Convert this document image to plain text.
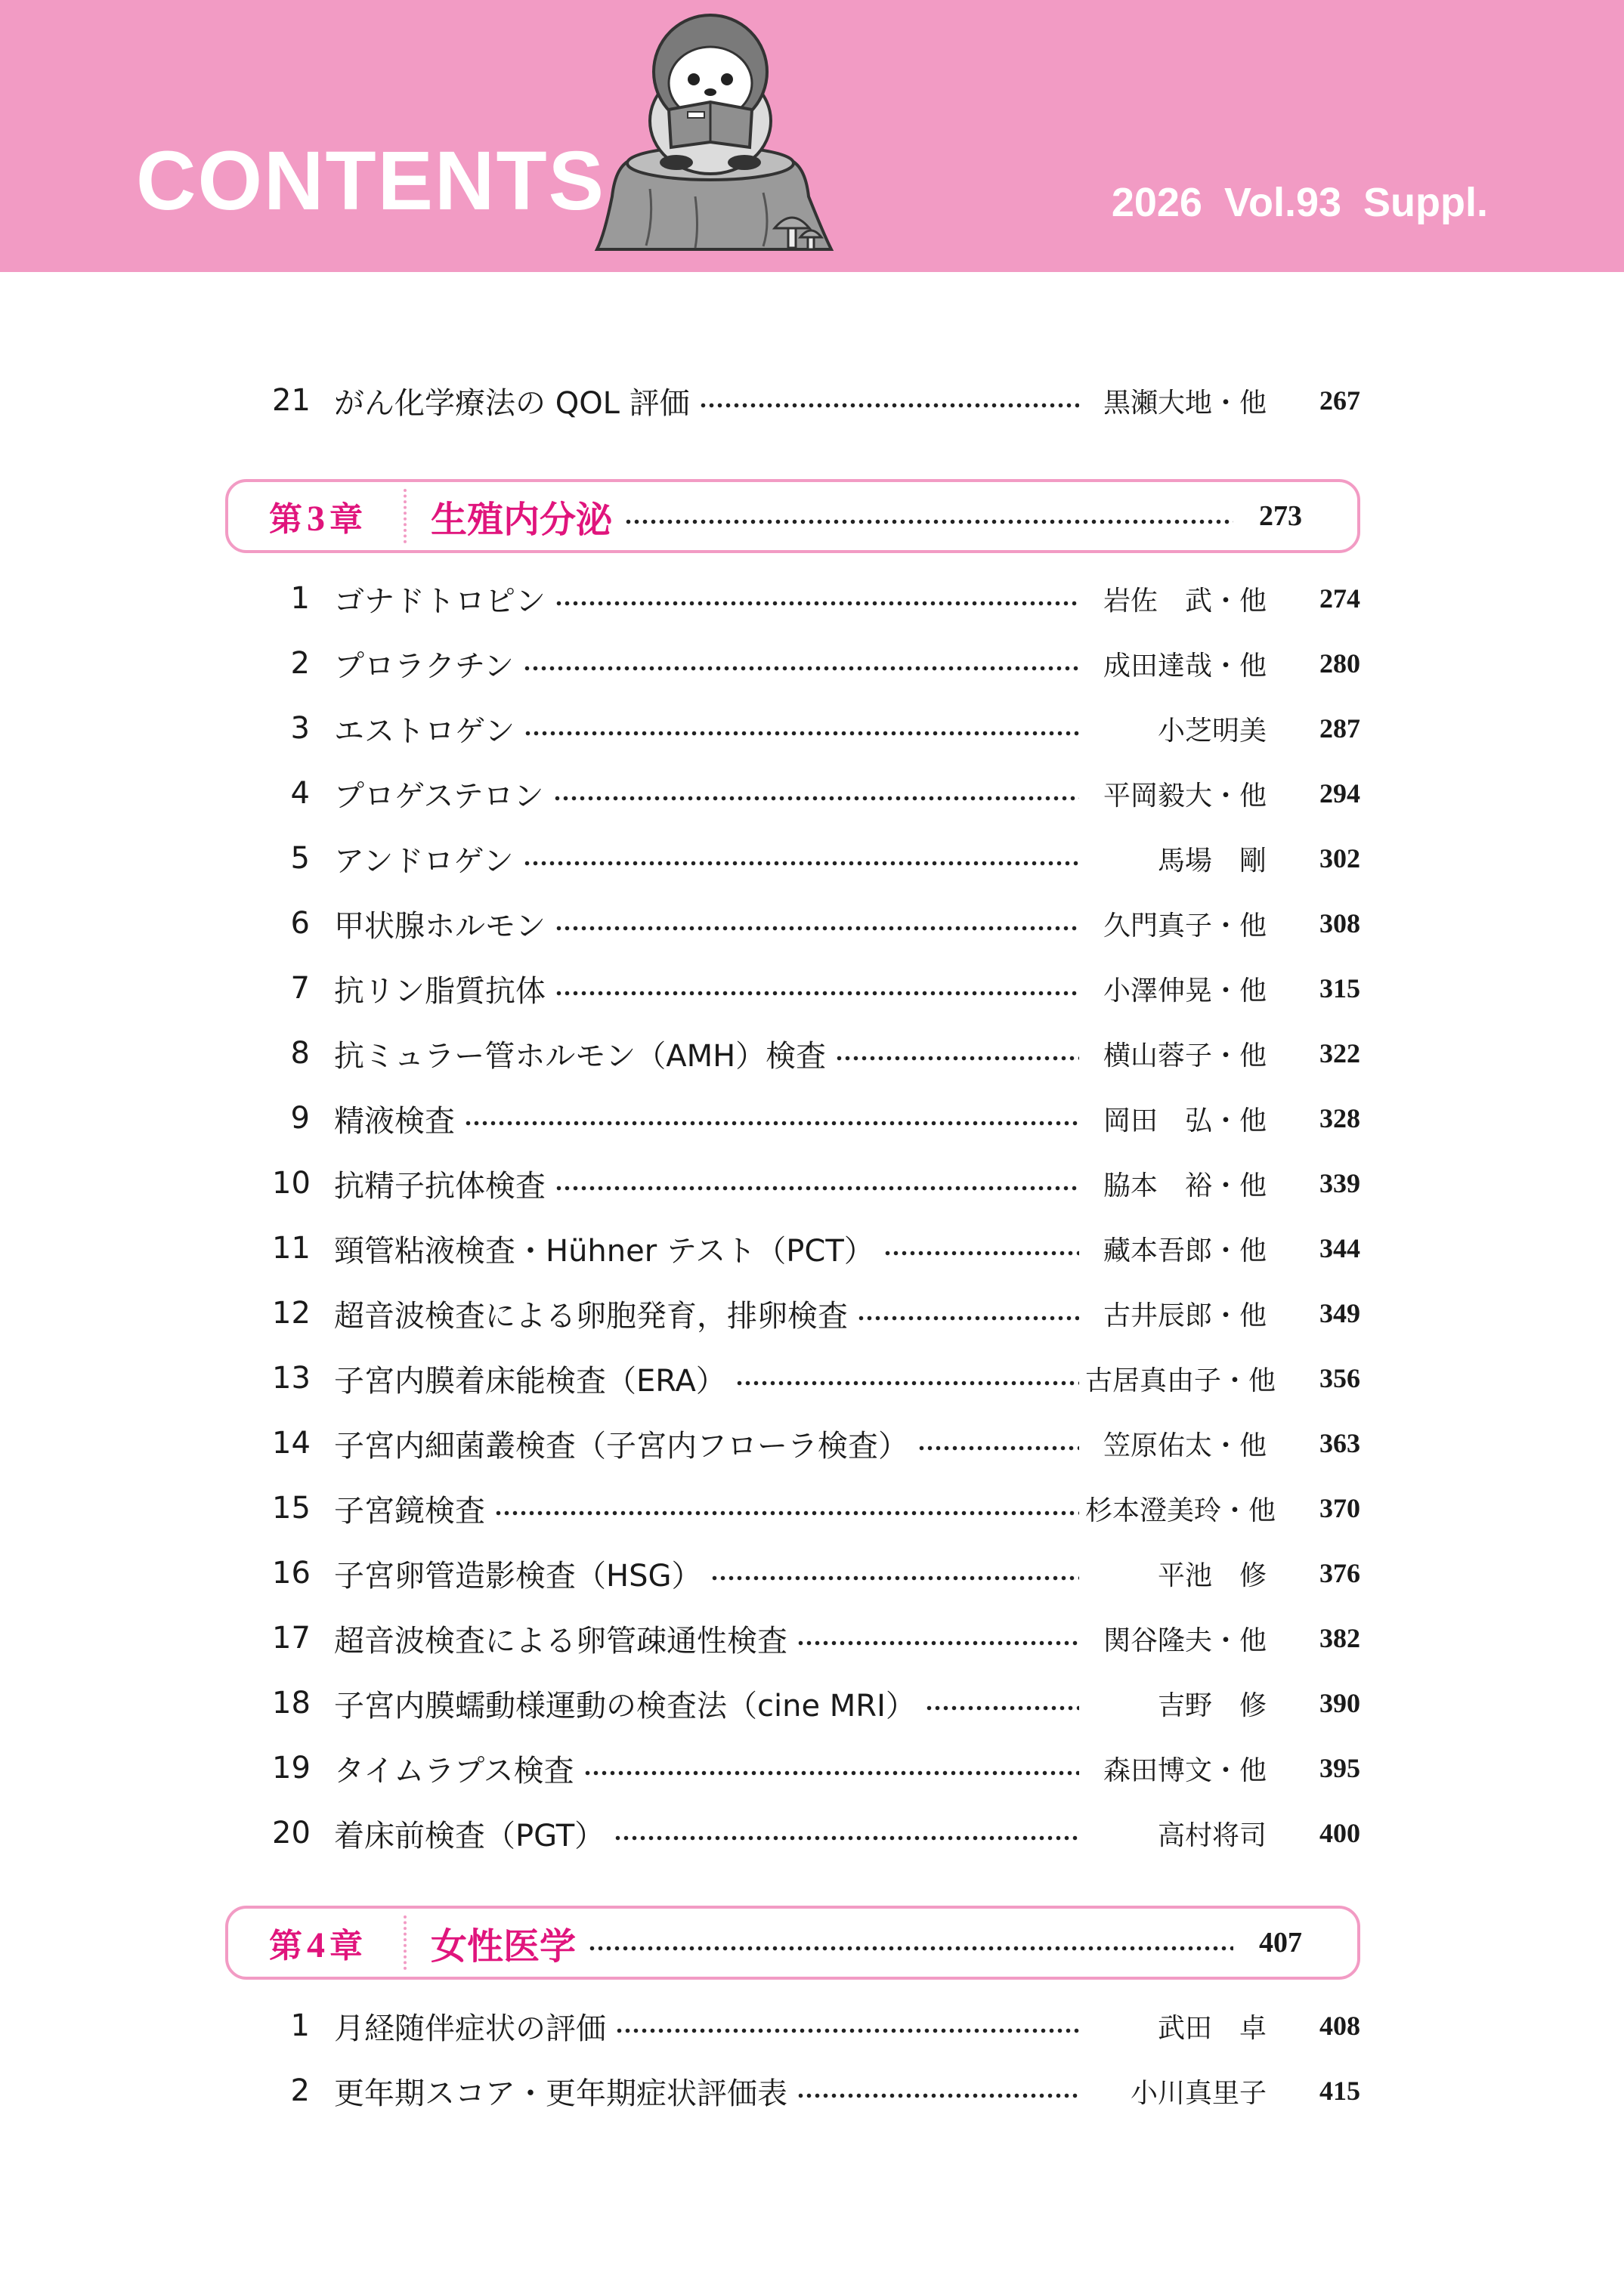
CONTENTS	2026 Vol.93 Suppl.
21 がん化学療法の QOL 評価	黒瀬大地・他	267
第 3 章	生殖内分泌	273
1 ゴナドトロピン	岩佐　武・他	274
2 プロラクチン	成田達哉・他	280
3 エストロゲン	小芝明美	287
4 プロゲステロン	平岡毅大・他	294
5 アンドロゲン	馬場　剛	302
6 甲状腺ホルモン	久門真子・他	308
7 抗リン脂質抗体	小澤伸晃・他	315
8 抗ミュラー管ホルモン（AMH）検査	横山蓉子・他	322
9 精液検査	岡田　弘・他	328
10 抗精子抗体検査	脇本　裕・他	339
11 頸管粘液検査・Hühner テスト（PCT）	藏本吾郎・他	344
12 超音波検査による卵胞発育，排卵検査	古井辰郎・他	349
13 子宮内膜着床能検査（ERA）	古居真由子・他	356
14 子宮内細菌叢検査（子宮内フローラ検査）	笠原佑太・他	363
15 子宮鏡検査	杉本澄美玲・他	370
16 子宮卵管造影検査（HSG）	平池　修	376
17 超音波検査による卵管疎通性検査	関谷隆夫・他	382
18 子宮内膜蠕動様運動の検査法（cine MRI）	吉野　修	390
19 タイムラプス検査	森田博文・他	395
20 着床前検査（PGT）	高村将司	400
第 4 章	女性医学	407
1 月経随伴症状の評価	武田　卓	408
2 更年期スコア・更年期症状評価表	小川真里子	415
